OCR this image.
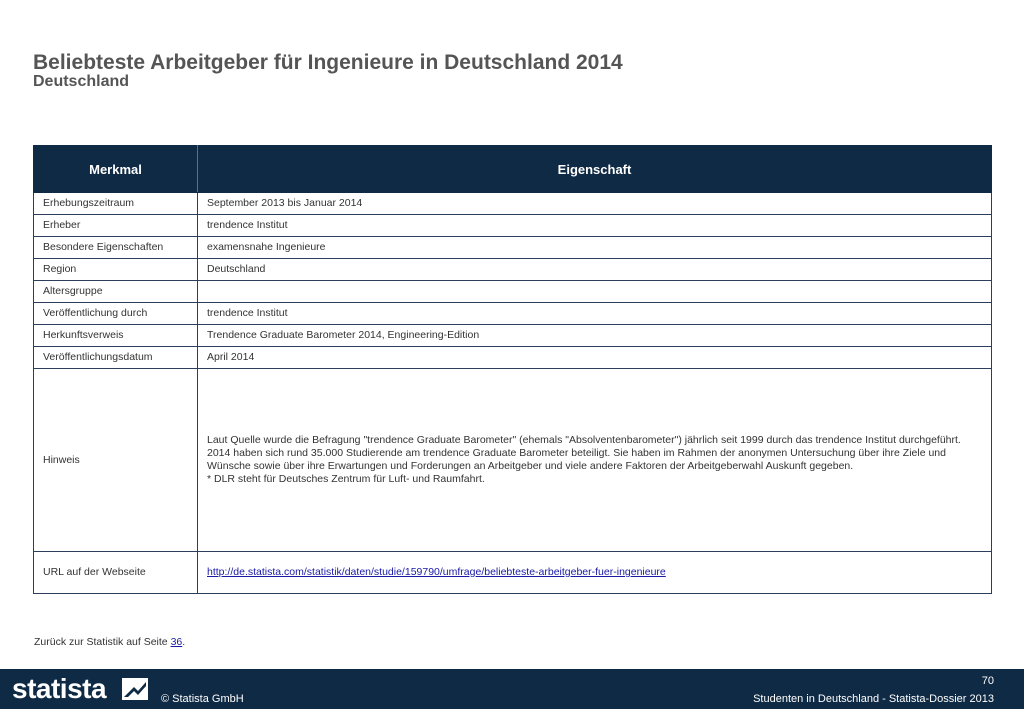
Beliebteste Arbeitgeber für Ingenieure in Deutschland 2014
Deutschland
Merkmal	Eigenschaft
Erhebungszeitraum	September 2013 bis Januar 2014
Erheber	trendence Institut
Besondere Eigenschaften	examensnahe Ingenieure
Region	Deutschland
Altersgruppe	
Veröffentlichung durch	trendence Institut
Herkunftsverweis	Trendence Graduate Barometer 2014, Engineering-Edition
Veröffentlichungsdatum	April 2014
Hinweis	Laut Quelle wurde die Befragung "trendence Graduate Barometer" (ehemals "Absolventenbarometer") jährlich seit 1999 durch das trendence Institut durchgeführt.
2014 haben sich rund 35.000 Studierende am trendence Graduate Barometer beteiligt. Sie haben im Rahmen der anonymen Untersuchung über ihre Ziele und
Wünsche sowie über ihre Erwartungen und Forderungen an Arbeitgeber und viele andere Faktoren der Arbeitgeberwahl Auskunft gegeben.
* DLR steht für Deutsches Zentrum für Luft- und Raumfahrt.

URL auf der Webseite	http://de.statista.com/statistik/daten/studie/159790/umfrage/beliebteste-arbeitgeber-fuer-ingenieure
Zurück zur Statistik auf Seite 36.
statista	© Statista GmbH
70
Studenten in Deutschland - Statista-Dossier 2013
